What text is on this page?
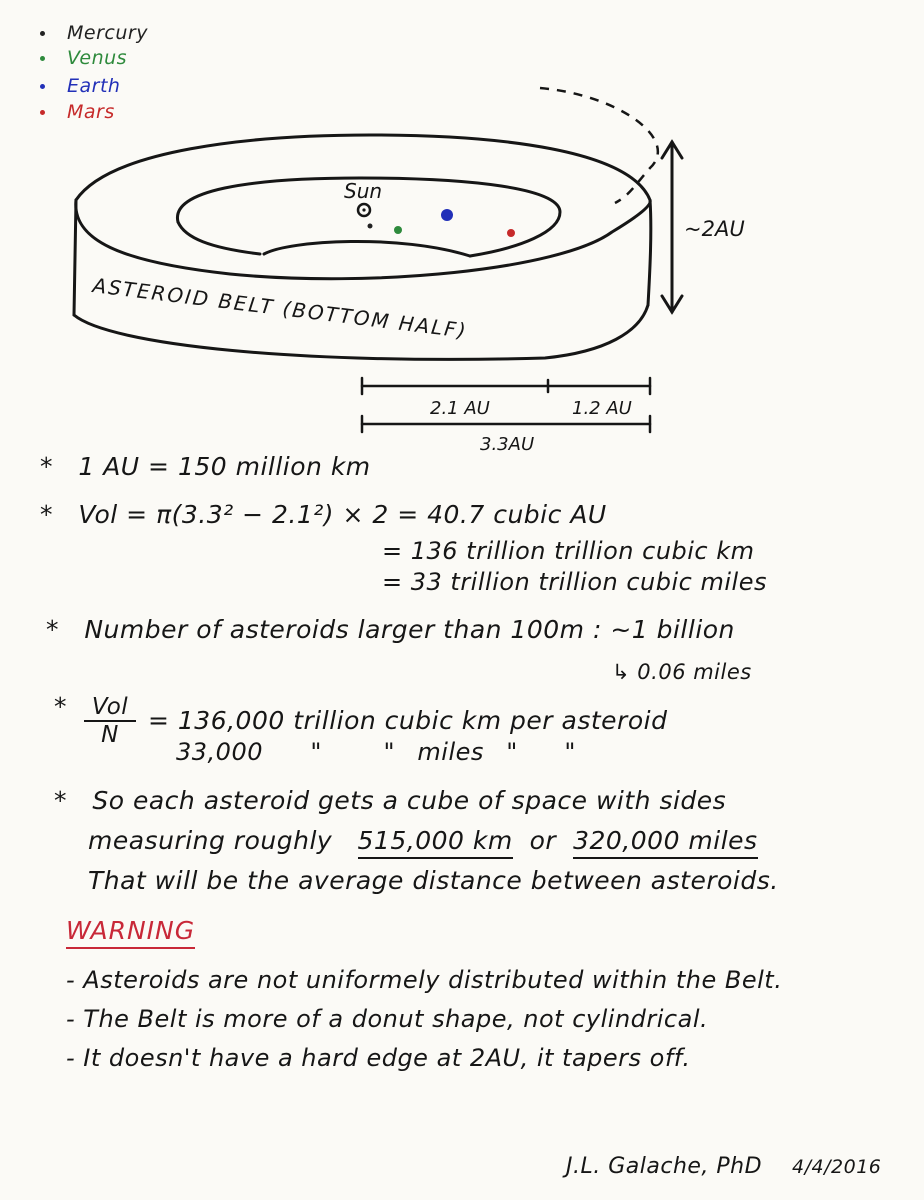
Mercury
Venus
Earth
Mars
Sun
ASTEROID BELT (BOTTOM HALF)
~2AU
2.1 AU	1.2 AU
3.3AU
* 1 AU = 150 million km
* Vol = π(3.3² − 2.1²) × 2 = 40.7 cubic AU
= 136 trillion trillion cubic km
= 33 trillion trillion cubic miles
* Number of asteroids larger than 100m : ~1 billion
↳ 0.06 miles
*	Vol
N	= 136,000 trillion cubic km per asteroid
33,000 "	" miles " "
* So each asteroid gets a cube of space with sides
measuring roughly 515,000 km or 320,000 miles
That will be the average distance between asteroids.
WARNING
- Asteroids are not uniformely distributed within the Belt.
- The Belt is more of a donut shape, not cylindrical.
- It doesn't have a hard edge at 2AU, it tapers off.
J.L. Galache, PhD 4/4/2016
